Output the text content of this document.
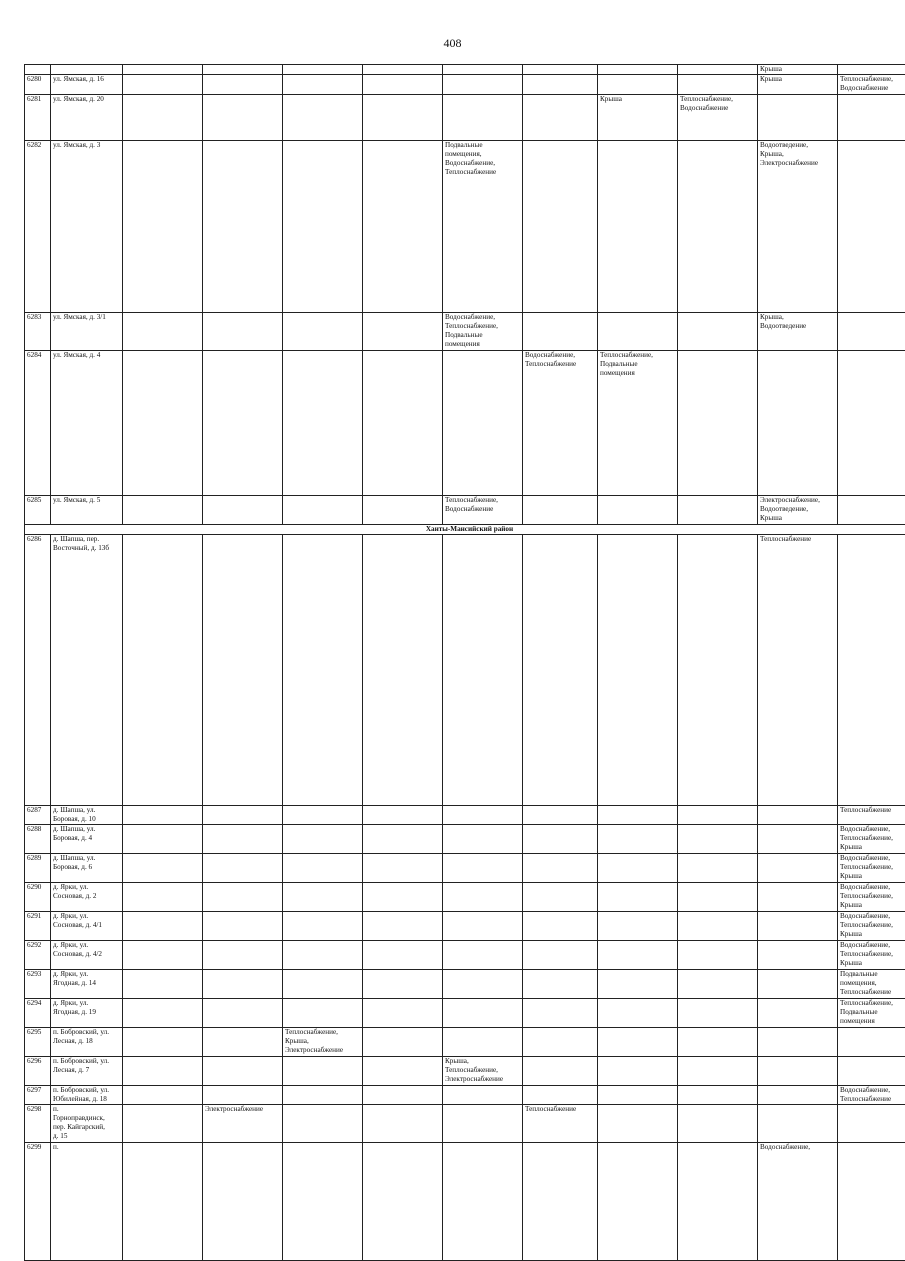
408
										Крыша		
6280	ул. Ямская, д. 16									Крыша	Теплоснабжение,
Водоснабжение	
6281	ул. Ямская, д. 20							Крыша	Теплоснабжение,
Водоснабжение			
6282	ул. Ямская, д. 3					Подвальные
помещения,
Водоснабжение,
Теплоснабжение				Водоотведение,
Крыша,
Электроснабжение		
6283	ул. Ямская, д. 3/1					Водоснабжение,
Теплоснабжение,
Подвальные
помещения				Крыша,
Водоотведение		
6284	ул. Ямская, д. 4						Водоснабжение,
Теплоснабжение	Теплоснабжение,
Подвальные
помещения				
6285	ул. Ямская, д. 5					Теплоснабжение,
Водоснабжение				Электроснабжение,
Водоотведение,
Крыша		
Ханты-Мансийский район												
6286	д. Шапша, пер.
Восточный, д. 13б									Теплоснабжение		
6287	д. Шапша, ул.
Боровая, д. 10										Теплоснабжение	
6288	д. Шапша, ул.
Боровая, д. 4										Водоснабжение,
Теплоснабжение,
Крыша	
6289	д. Шапша, ул.
Боровая, д. 6										Водоснабжение,
Теплоснабжение,
Крыша	
6290	д. Ярки, ул.
Сосновая, д. 2										Водоснабжение,
Теплоснабжение,
Крыша	
6291	д. Ярки, ул.
Сосновая, д. 4/1										Водоснабжение,
Теплоснабжение,
Крыша	
6292	д. Ярки, ул.
Сосновая, д. 4/2										Водоснабжение,
Теплоснабжение,
Крыша	
6293	д. Ярки, ул.
Ягодная, д. 14										Подвальные
помещения,
Теплоснабжение	
6294	д. Ярки, ул.
Ягодная, д. 19										Теплоснабжение,
Подвальные
помещения	
6295	п. Бобровский, ул.
Лесная, д. 18			Теплоснабжение,
Крыша,
Электроснабжение								
6296	п. Бобровский, ул.
Лесная, д. 7					Крыша,
Теплоснабжение,
Электроснабжение						
6297	п. Бобровский, ул.
Юбилейная, д. 18										Водоснабжение,
Теплоснабжение	
6298	п.
Горноправдинск,
пер. Кайгарский,
д. 15		Электроснабжение				Теплоснабжение					
6299	п.									Водоснабжение,		
